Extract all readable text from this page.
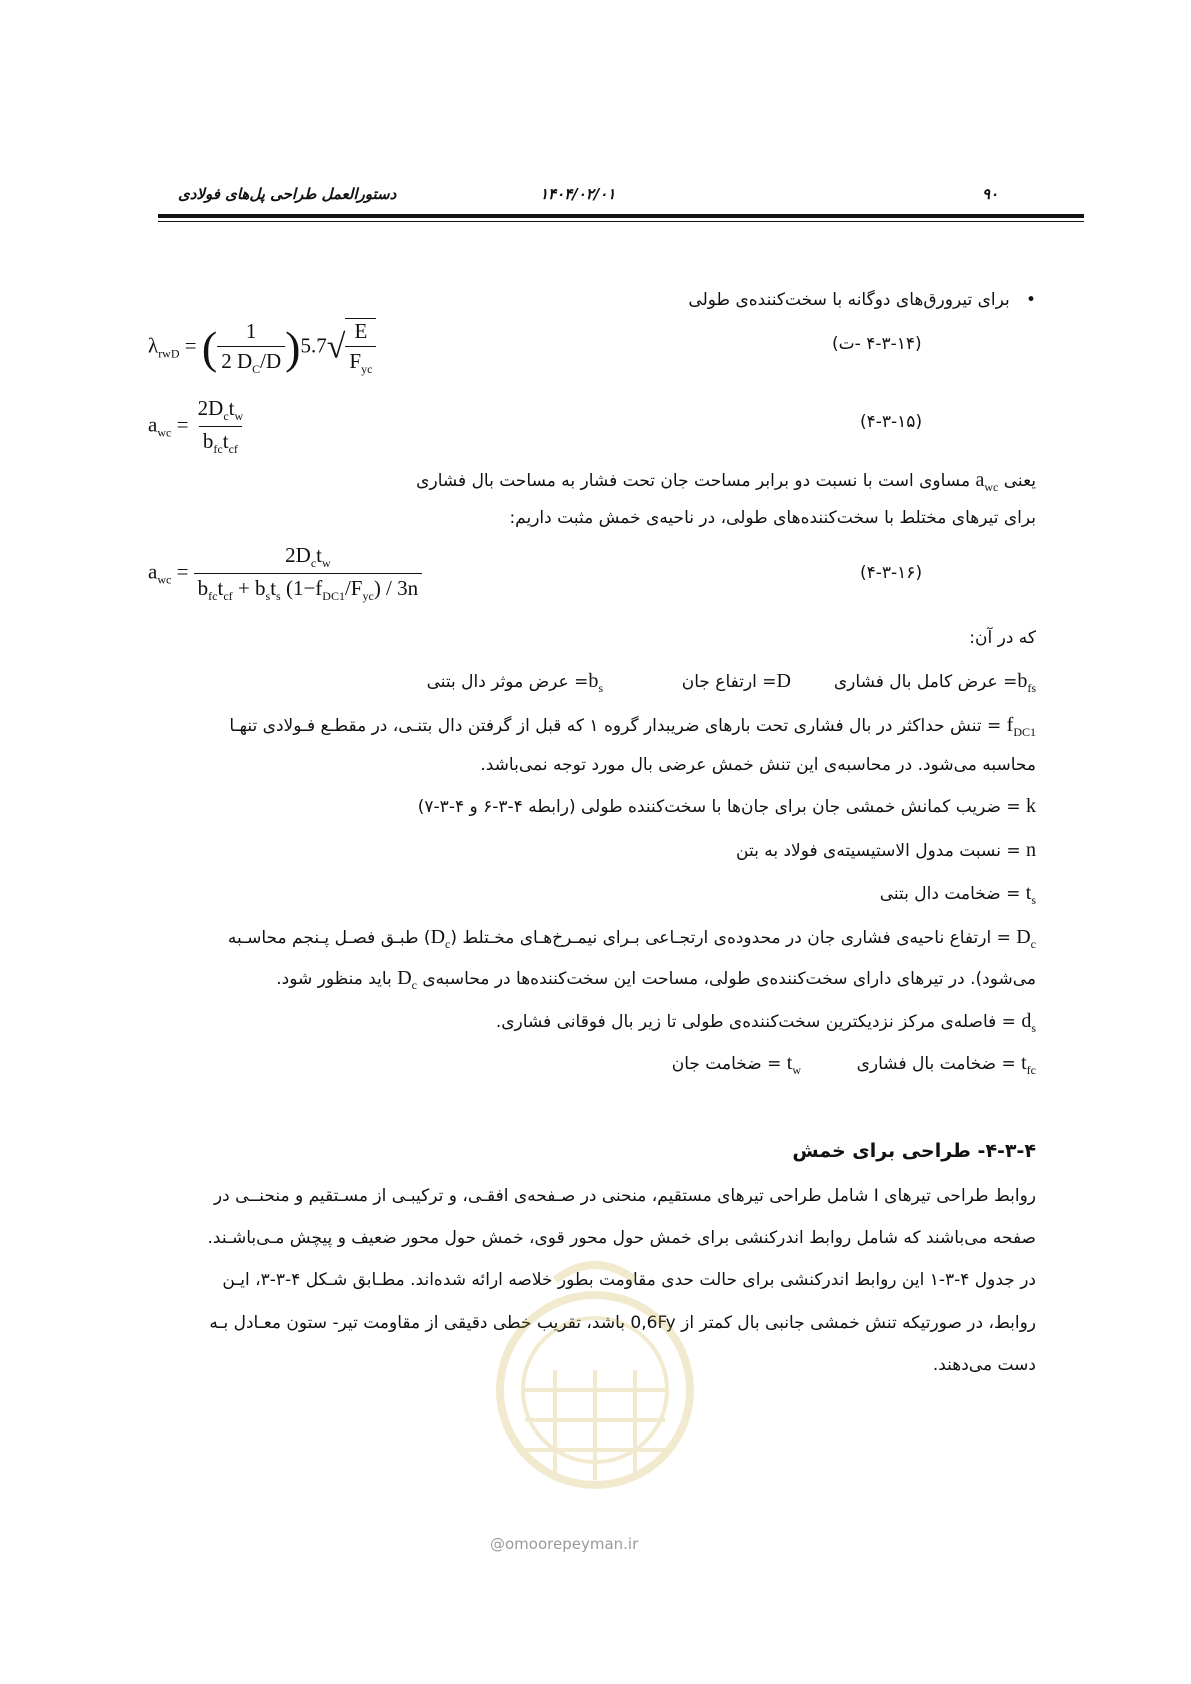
۹۰
۱۴۰۴/۰۲/۰۱
دستورالعمل طراحی پل‌های فولادی
•   برای تیرورق‌های دوگانه با سخت‌کننده‌ی طولی
$\lambda_{rwD}$ = ( $\frac{1}{2 D_C/D} )5.7√ \frac{E}{F_{yc}}$	(۴-۳-۱۴ -ت)
$a_{wc} = \frac{2D_ct_w}{b_{fc}t_{cf}}$	(۴-۳-۱۵)
یعنی $a_{wc}$ مساوی است با نسبت دو برابر مساحت جان تحت فشار به مساحت بال فشاری
برای تیرهای مختلط با سخت‌کننده‌های طولی، در ناحیه‌ی خمش مثبت داریم:
$a_{wc} = \frac{2D_ct_w}{b_{fc}t_{cf} + b_st_s (1-f_{DC1}/F_{yc}) / 3n}$	(۴-۳-۱۶)
که در آن:
$b_{fs}=$ عرض کامل بال فشاری
D= ارتفاع جان
$b_s=$ عرض موثر دال بتنی
$f_{DC1}$ = تنش حداکثر در بال فشاری تحت بارهای ضریبدار گروه ۱ که قبل از گرفتن دال بتنـی، در مقطـع فـولادی تنهـا
محاسبه می‌شود. در محاسبه‌ی این تنش خمش عرضی بال مورد توجه نمی‌باشد.
k = ضریب کمانش خمشی جان برای جان‌ها با سخت‌کننده طولی (رابطه ۴-۳-۶ و ۴-۳-۷)
n = نسبت مدول الاستیسیته‌ی فولاد به بتن
$t_s$ = ضخامت دال بتنی
$D_c$ = ارتفاع ناحیه‌ی فشاری جان در محدوده‌ی ارتجـاعی بـرای نیمـرخ‌هـای مخـتلط $(D_c)$ طبـق فصـل پـنجم محاسـبه
می‌شود). در تیرهای دارای سخت‌کننده‌ی طولی، مساحت این سخت‌کننده‌ها در محاسبه‌ی $D_c$ باید منظور شود.
$d_s$ = فاصله‌ی مرکز نزدیکترین سخت‌کننده‌ی طولی تا زیر بال فوقانی فشاری.
$t_{fc}$ = ضخامت بال فشاری
$t_w$ = ضخامت جان
۴-۳-۴- طراحی برای خمش
روابط طراحی تیرهای I شامل طراحی تیرهای مستقیم، منحنی در صـفحه‌ی افقـی، و ترکیبـی از مسـتقیم و منحنــی در
صفحه می‌باشند که شامل روابط اندرکنشی برای خمش حول محور قوی، خمش حول محور ضعیف و پیچش مـی‌باشـند.
در جدول ۴-۳-۱ این روابط اندرکنشی برای حالت حدی مقاومت بطور خلاصه ارائه شده‌اند. مطـابق شـکل ۴-۳-۳، ایـن
روابط، در صورتیکه تنش خمشی جانبی بال کمتر از 0,6Fy باشد، تقریب خطی دقیقی از مقاومت تیر- ستون معـادل بـه
دست می‌دهند.
@omoorepeyman.ir
